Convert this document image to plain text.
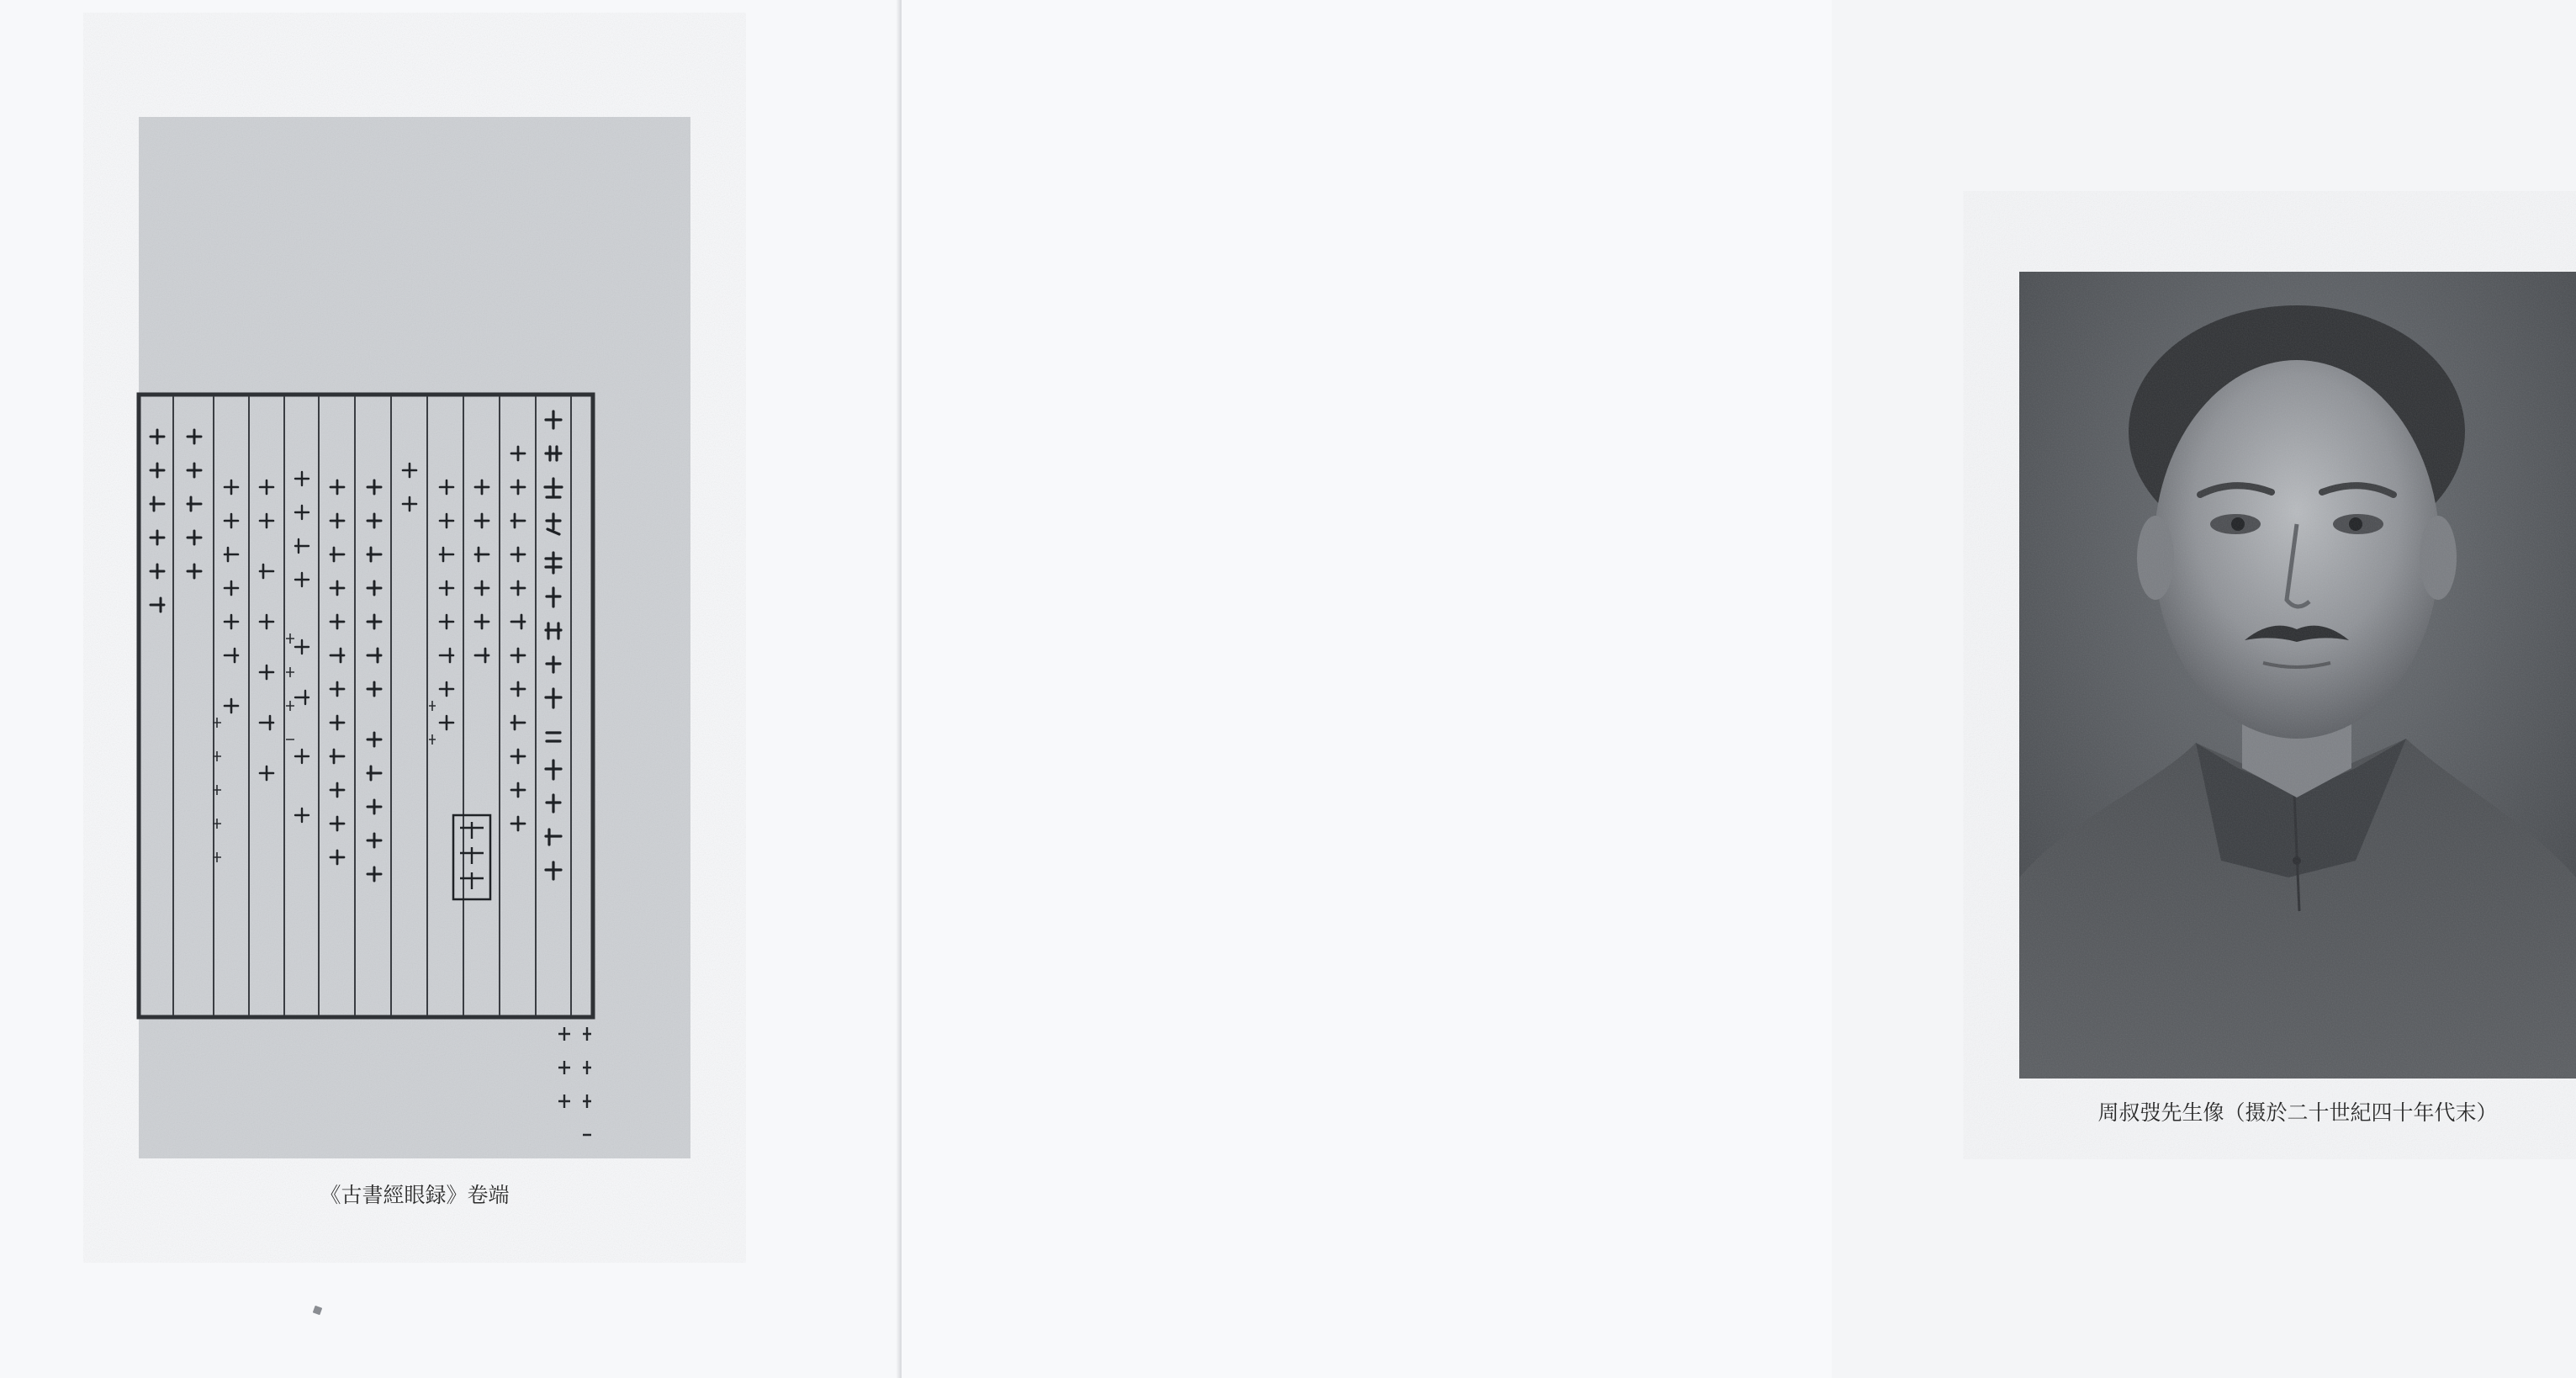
《古書經眼録》卷端
周叔弢先生像（摄於二十世紀四十年代末）
